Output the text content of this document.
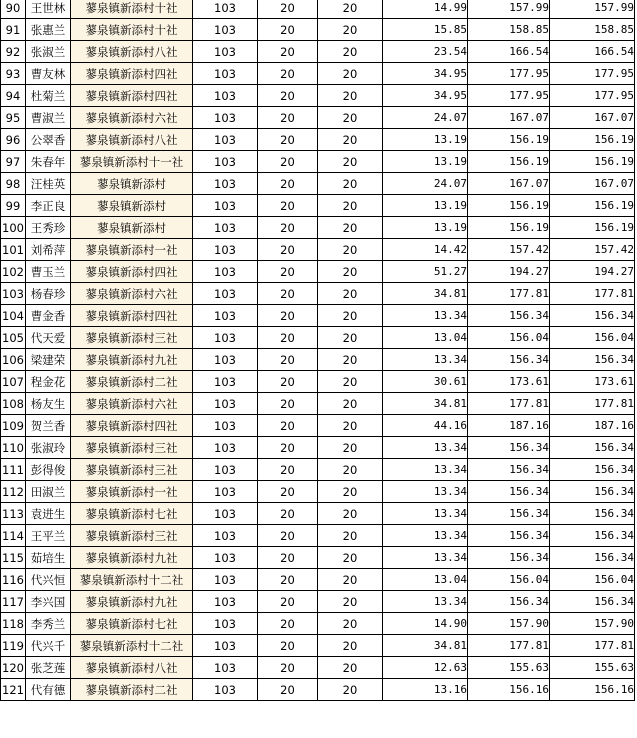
90	王世林	蓼泉镇新添村十社	103	20	20	14.99	157.99	157.99
91	张惠兰	蓼泉镇新添村十社	103	20	20	15.85	158.85	158.85
92	张淑兰	蓼泉镇新添村八社	103	20	20	23.54	166.54	166.54
93	曹友林	蓼泉镇新添村四社	103	20	20	34.95	177.95	177.95
94	杜菊兰	蓼泉镇新添村四社	103	20	20	34.95	177.95	177.95
95	曹淑兰	蓼泉镇新添村六社	103	20	20	24.07	167.07	167.07
96	公翠香	蓼泉镇新添村八社	103	20	20	13.19	156.19	156.19
97	朱春年	蓼泉镇新添村十一社	103	20	20	13.19	156.19	156.19
98	汪桂英	蓼泉镇新添村	103	20	20	24.07	167.07	167.07
99	李正良	蓼泉镇新添村	103	20	20	13.19	156.19	156.19
100	王秀珍	蓼泉镇新添村	103	20	20	13.19	156.19	156.19
101	刘希萍	蓼泉镇新添村一社	103	20	20	14.42	157.42	157.42
102	曹玉兰	蓼泉镇新添村四社	103	20	20	51.27	194.27	194.27
103	杨春珍	蓼泉镇新添村六社	103	20	20	34.81	177.81	177.81
104	曹金香	蓼泉镇新添村四社	103	20	20	13.34	156.34	156.34
105	代天爱	蓼泉镇新添村三社	103	20	20	13.04	156.04	156.04
106	梁建荣	蓼泉镇新添村九社	103	20	20	13.34	156.34	156.34
107	程金花	蓼泉镇新添村二社	103	20	20	30.61	173.61	173.61
108	杨友生	蓼泉镇新添村六社	103	20	20	34.81	177.81	177.81
109	贺兰香	蓼泉镇新添村四社	103	20	20	44.16	187.16	187.16
110	张淑玲	蓼泉镇新添村三社	103	20	20	13.34	156.34	156.34
111	彭得俊	蓼泉镇新添村三社	103	20	20	13.34	156.34	156.34
112	田淑兰	蓼泉镇新添村一社	103	20	20	13.34	156.34	156.34
113	袁进生	蓼泉镇新添村七社	103	20	20	13.34	156.34	156.34
114	王平兰	蓼泉镇新添村三社	103	20	20	13.34	156.34	156.34
115	茹培生	蓼泉镇新添村九社	103	20	20	13.34	156.34	156.34
116	代兴恒	蓼泉镇新添村十二社	103	20	20	13.04	156.04	156.04
117	李兴国	蓼泉镇新添村九社	103	20	20	13.34	156.34	156.34
118	李秀兰	蓼泉镇新添村七社	103	20	20	14.90	157.90	157.90
119	代兴千	蓼泉镇新添村十二社	103	20	20	34.81	177.81	177.81
120	张芝莲	蓼泉镇新添村八社	103	20	20	12.63	155.63	155.63
121	代有德	蓼泉镇新添村二社	103	20	20	13.16	156.16	156.16
